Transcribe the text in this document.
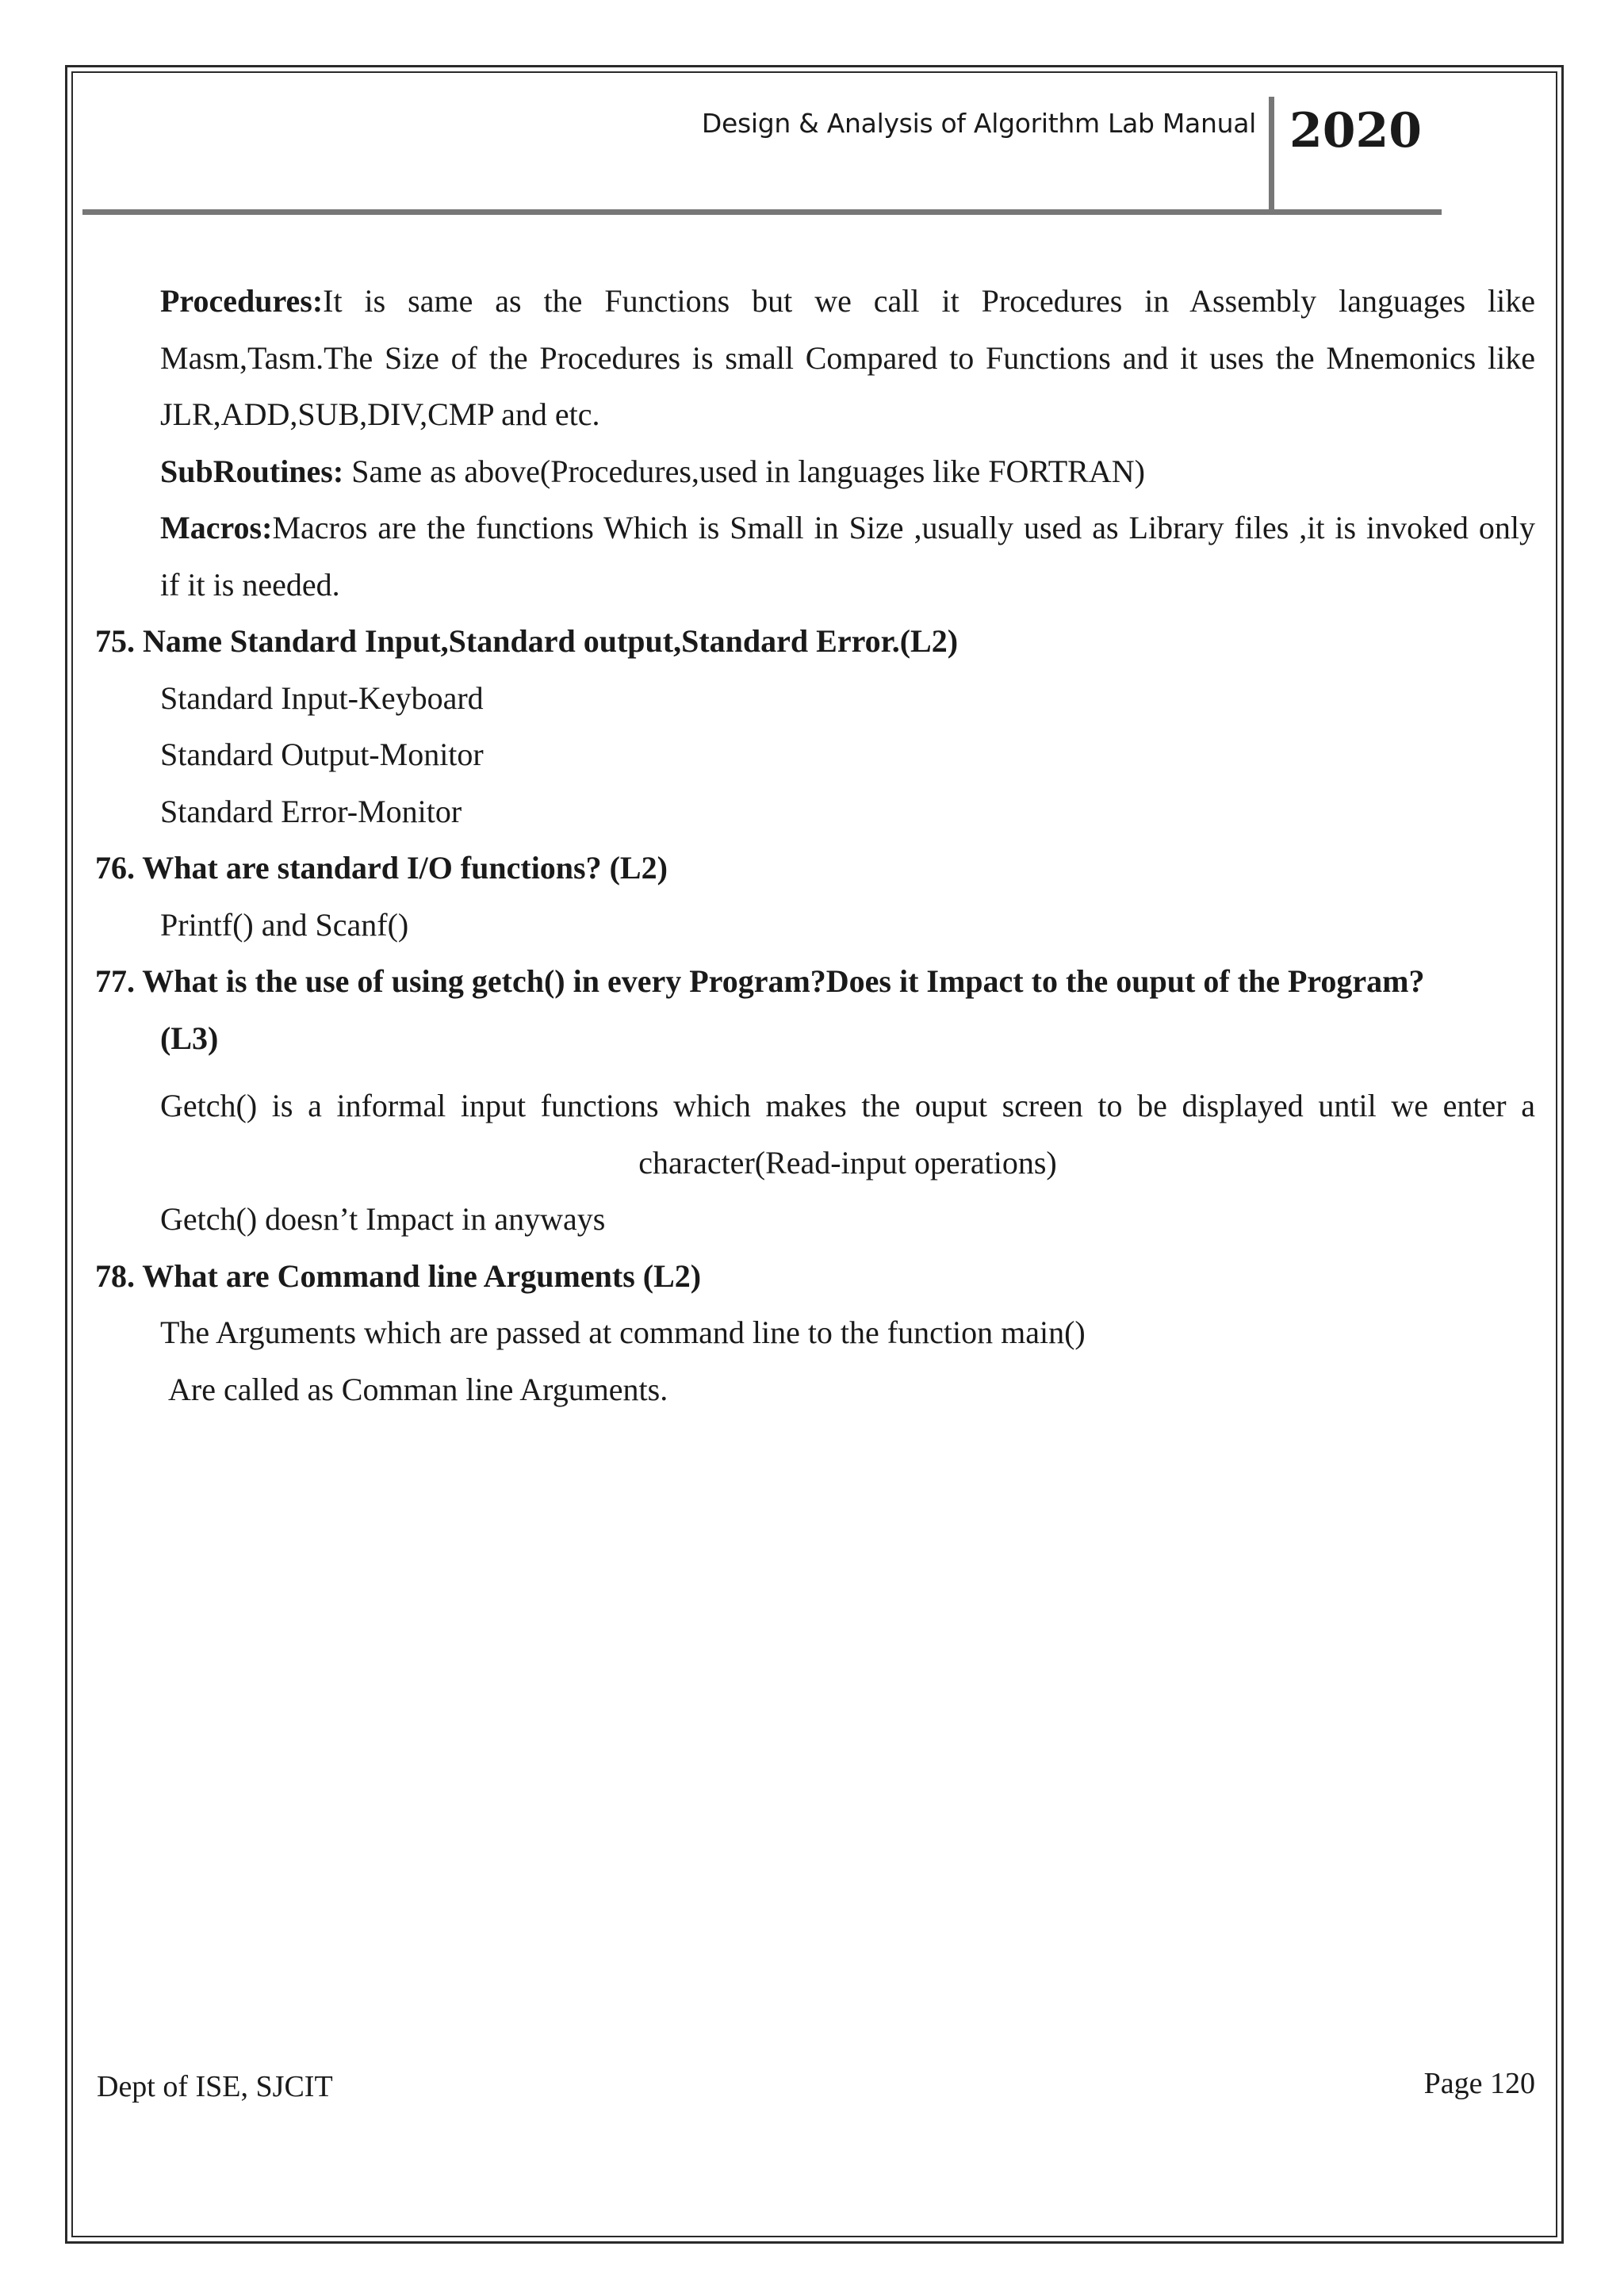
Design & Analysis of Algorithm Lab Manual 2020
Procedures:It is same as the Functions but we call it Procedures in Assembly languages like
Masm,Tasm.The Size of the Procedures is small Compared to Functions and it uses the Mnemonics like
JLR,ADD,SUB,DIV,CMP and etc.
SubRoutines: Same as above(Procedures,used in languages like FORTRAN)
Macros:Macros are the functions Which is Small in Size ,usually used as Library files ,it is invoked only
if it is needed.
75. Name Standard Input,Standard output,Standard Error.(L2)
Standard Input-Keyboard
Standard Output-Monitor
Standard Error-Monitor
76. What are standard I/O functions? (L2)
Printf() and Scanf()
77. What is the use of using getch() in every Program?Does it Impact to the ouput of the Program?
(L3)
Getch() is a informal input functions which makes the ouput screen to be displayed until we enter a
character(Read-input operations)
Getch() doesn’t Impact in anyways
78. What are Command line Arguments (L2)
The Arguments which are passed at command line to the function main()
Are called as Comman line Arguments.
Dept of ISE, SJCIT	Page 120
